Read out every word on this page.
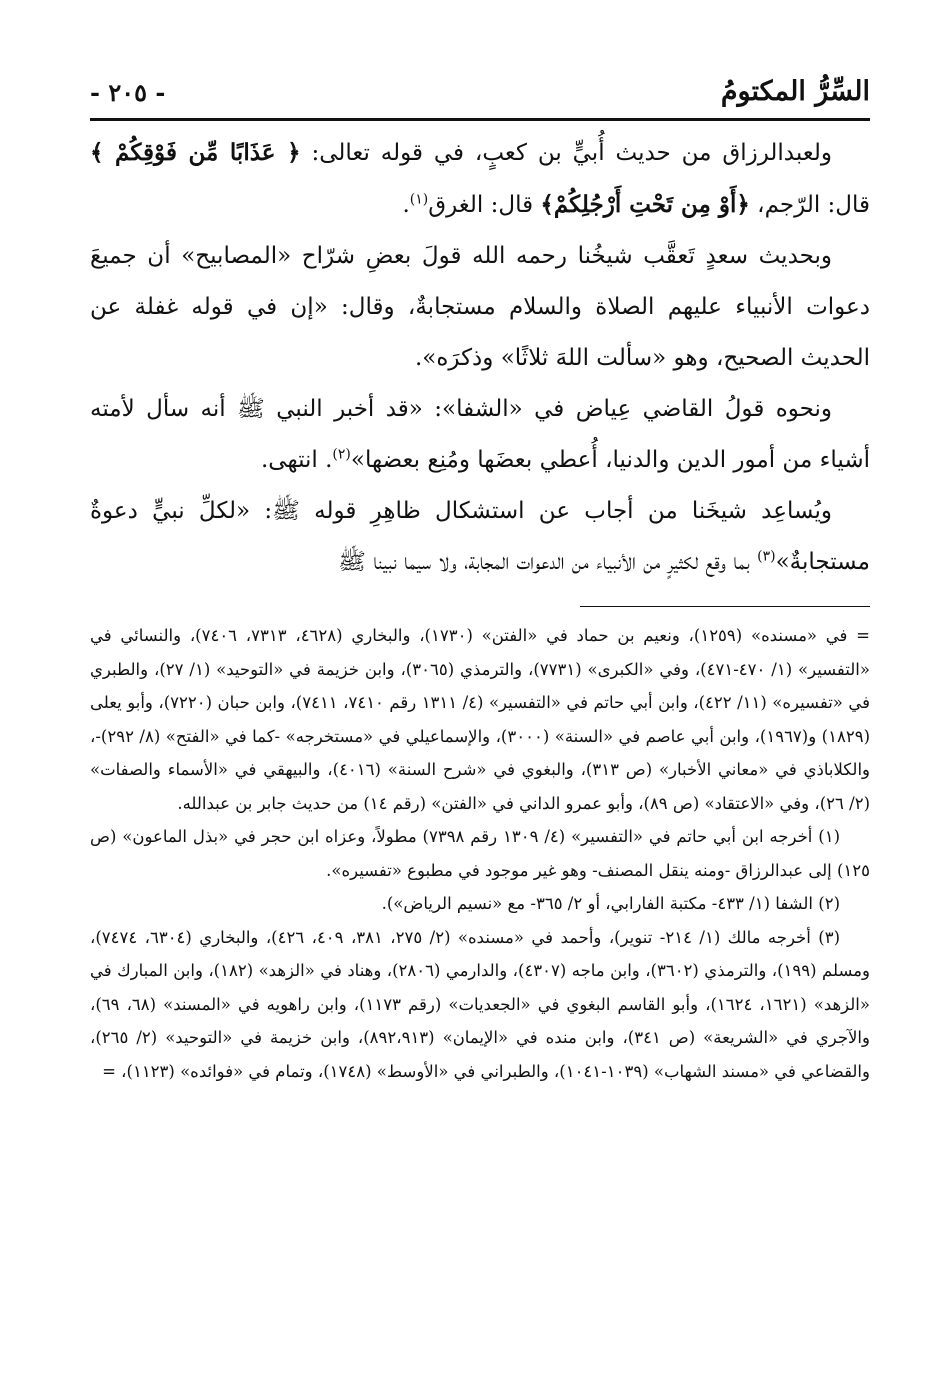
السِّرُّ المكتومُ
- ٢٠٥ -

ولعبدالرزاق من حديث أُبيٍّ بن كعبٍ، في قوله تعالى: ﴿ عَذَابًا مِّن فَوْقِكُمْ ﴾ قال: الرّجم، ﴿أَوْ مِن تَحْتِ أَرْجُلِكُمْ﴾ قال: الغرق$^{(١)}$.

وبحديث سعدٍ تَعقَّب شيخُنا رحمه الله قولَ بعضِ شرّاح «المصابيح» أن جميعَ دعوات الأنبياء عليهم الصلاة والسلام مستجابةٌ، وقال: «إن في قوله غفلة عن الحديث الصحيح، وهو «سألت اللهَ ثلاثًا» وذكرَه».

ونحوه قولُ القاضي عِياض في «الشفا»: «قد أخبر النبي ﷺ أنه سأل لأمته أشياء من أمور الدين والدنيا، أُعطي بعضَها ومُنِع بعضها»$^{(٢)}$. انتهى.

ويُساعِد شيخَنا من أجاب عن استشكال ظاهِرِ قوله ﷺ: «لكلِّ نبيٍّ دعوةٌ مستجابةٌ»$^{(٣)}$ بما وقع لكثيرٍ من الأنبياء من الدعوات المجابة، ولا سيما نبينا ﷺ

= في «مسنده» (١٢٥٩)، ونعيم بن حماد في «الفتن» (١٧٣٠)، والبخاري (٤٦٢٨، ٧٣١٣، ٧٤٠٦)، والنسائي في «التفسير» (١/ ٤٧٠-٤٧١)، وفي «الكبرى» (٧٧٣١)، والترمذي (٣٠٦٥)، وابن خزيمة في «التوحيد» (١/ ٢٧)، والطبري في «تفسيره» (١١/ ٤٢٢)، وابن أبي حاتم في «التفسير» (٤/ ١٣١١ رقم ٧٤١٠، ٧٤١١)، وابن حبان (٧٢٢٠)، وأبو يعلى (١٨٢٩) و(١٩٦٧)، وابن أبي عاصم في «السنة» (٣٠٠٠)، والإسماعيلي في «مستخرجه» -كما في «الفتح» (٨/ ٢٩٢)-، والكلاباذي في «معاني الأخبار» (ص ٣١٣)، والبغوي في «شرح السنة» (٤٠١٦)، والبيهقي في «الأسماء والصفات» (٢/ ٢٦)، وفي «الاعتقاد» (ص ٨٩)، وأبو عمرو الداني في «الفتن» (رقم ١٤) من حديث جابر بن عبدالله.

(١) أخرجه ابن أبي حاتم في «التفسير» (٤/ ١٣٠٩ رقم ٧٣٩٨) مطولاً، وعزاه ابن حجر في «بذل الماعون» (ص ١٢٥) إلى عبدالرزاق -ومنه ينقل المصنف- وهو غير موجود في مطبوع «تفسيره».

(٢) الشفا (١/ ٤٣٣- مكتبة الفارابي، أو ٢/ ٣٦٥- مع «نسيم الرياض»).

(٣) أخرجه مالك (١/ ٢١٤- تنوير)، وأحمد في «مسنده» (٢/ ٢٧٥، ٣٨١، ٤٠٩، ٤٢٦)، والبخاري (٦٣٠٤، ٧٤٧٤)، ومسلم (١٩٩)، والترمذي (٣٦٠٢)، وابن ماجه (٤٣٠٧)، والدارمي (٢٨٠٦)، وهناد في «الزهد» (١٨٢)، وابن المبارك في «الزهد» (١٦٢١، ١٦٢٤)، وأبو القاسم البغوي في «الجعديات» (رقم ١١٧٣)، وابن راهويه في «المسند» (٦٨، ٦٩)، والآجري في «الشريعة» (ص ٣٤١)، وابن منده في «الإيمان» (٨٩٢،٩١٣)، وابن خزيمة في «التوحيد» (٢/ ٢٦٥)، والقضاعي في «مسند الشهاب» (١٠٣٩-١٠٤١)، والطبراني في «الأوسط» (١٧٤٨)، وتمام في «فوائده» (١١٢٣)، =
